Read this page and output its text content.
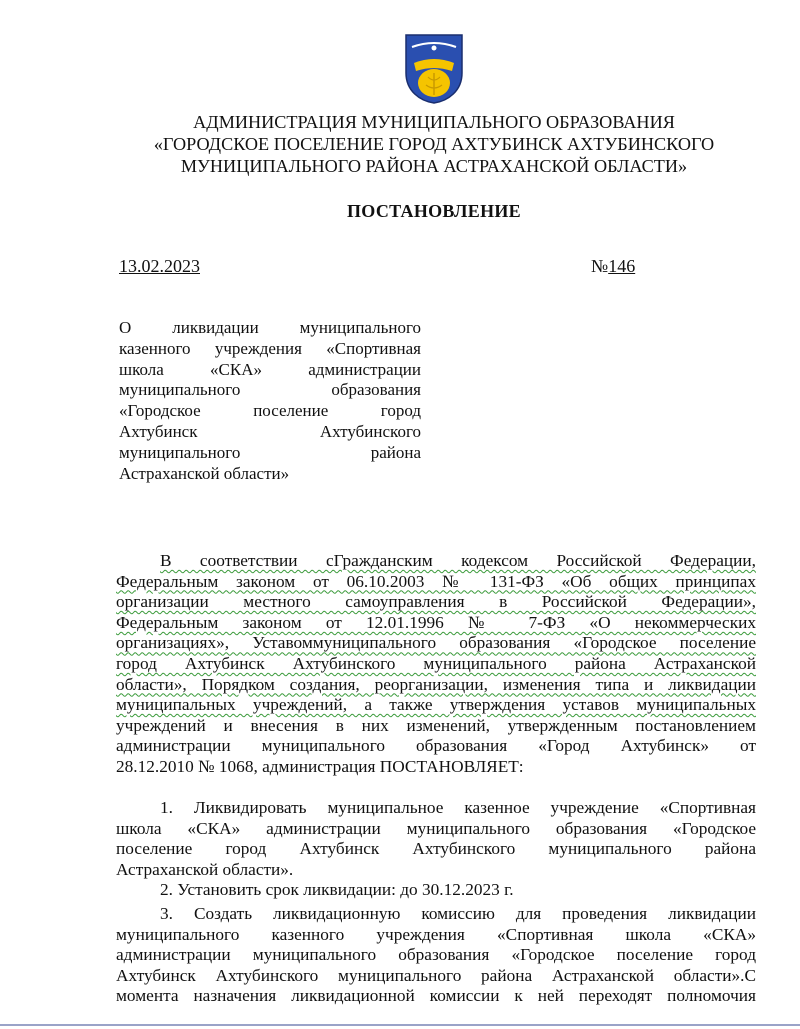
АДМИНИСТРАЦИЯ МУНИЦИПАЛЬНОГО ОБРАЗОВАНИЯ
«ГОРОДСКОЕ ПОСЕЛЕНИЕ ГОРОД АХТУБИНСК АХТУБИНСКОГО
МУНИЦИПАЛЬНОГО РАЙОНА АСТРАХАНСКОЙ ОБЛАСТИ»
ПОСТАНОВЛЕНИЕ
13.02.2023	№146
О ликвидации муниципального
казенного учреждения «Спортивная
школа «СКА» администрации
муниципального образования
«Городское поселение город
Ахтубинск Ахтубинского
муниципального района
Астраханской области»
В соответствии сГражданским кодексом Российской Федерации,
Федеральным законом от 06.10.2003 № 131-ФЗ «Об общих принципах
организации местного самоуправления в Российской Федерации»,
Федеральным законом от 12.01.1996 № 7-ФЗ «О некоммерческих
организациях», Уставоммуниципального образования «Городское поселение
город Ахтубинск Ахтубинского муниципального района Астраханской
области», Порядком создания, реорганизации, изменения типа и ликвидации
муниципальных учреждений, а также утверждения уставов муниципальных
учреждений и внесения в них изменений, утвержденным постановлением
администрации муниципального образования «Город Ахтубинск» от
28.12.2010 № 1068, администрация ПОСТАНОВЛЯЕТ:
1. Ликвидировать муниципальное казенное учреждение «Спортивная
школа «СКА» администрации муниципального образования «Городское
поселение город Ахтубинск Ахтубинского муниципального района
Астраханской области».
2. Установить срок ликвидации: до 30.12.2023 г.
3. Создать ликвидационную комиссию для проведения ликвидации
муниципального казенного учреждения «Спортивная школа «СКА»
администрации муниципального образования «Городское поселение город
Ахтубинск Ахтубинского муниципального района Астраханской области».С
момента назначения ликвидационной комиссии к ней переходят полномочия
